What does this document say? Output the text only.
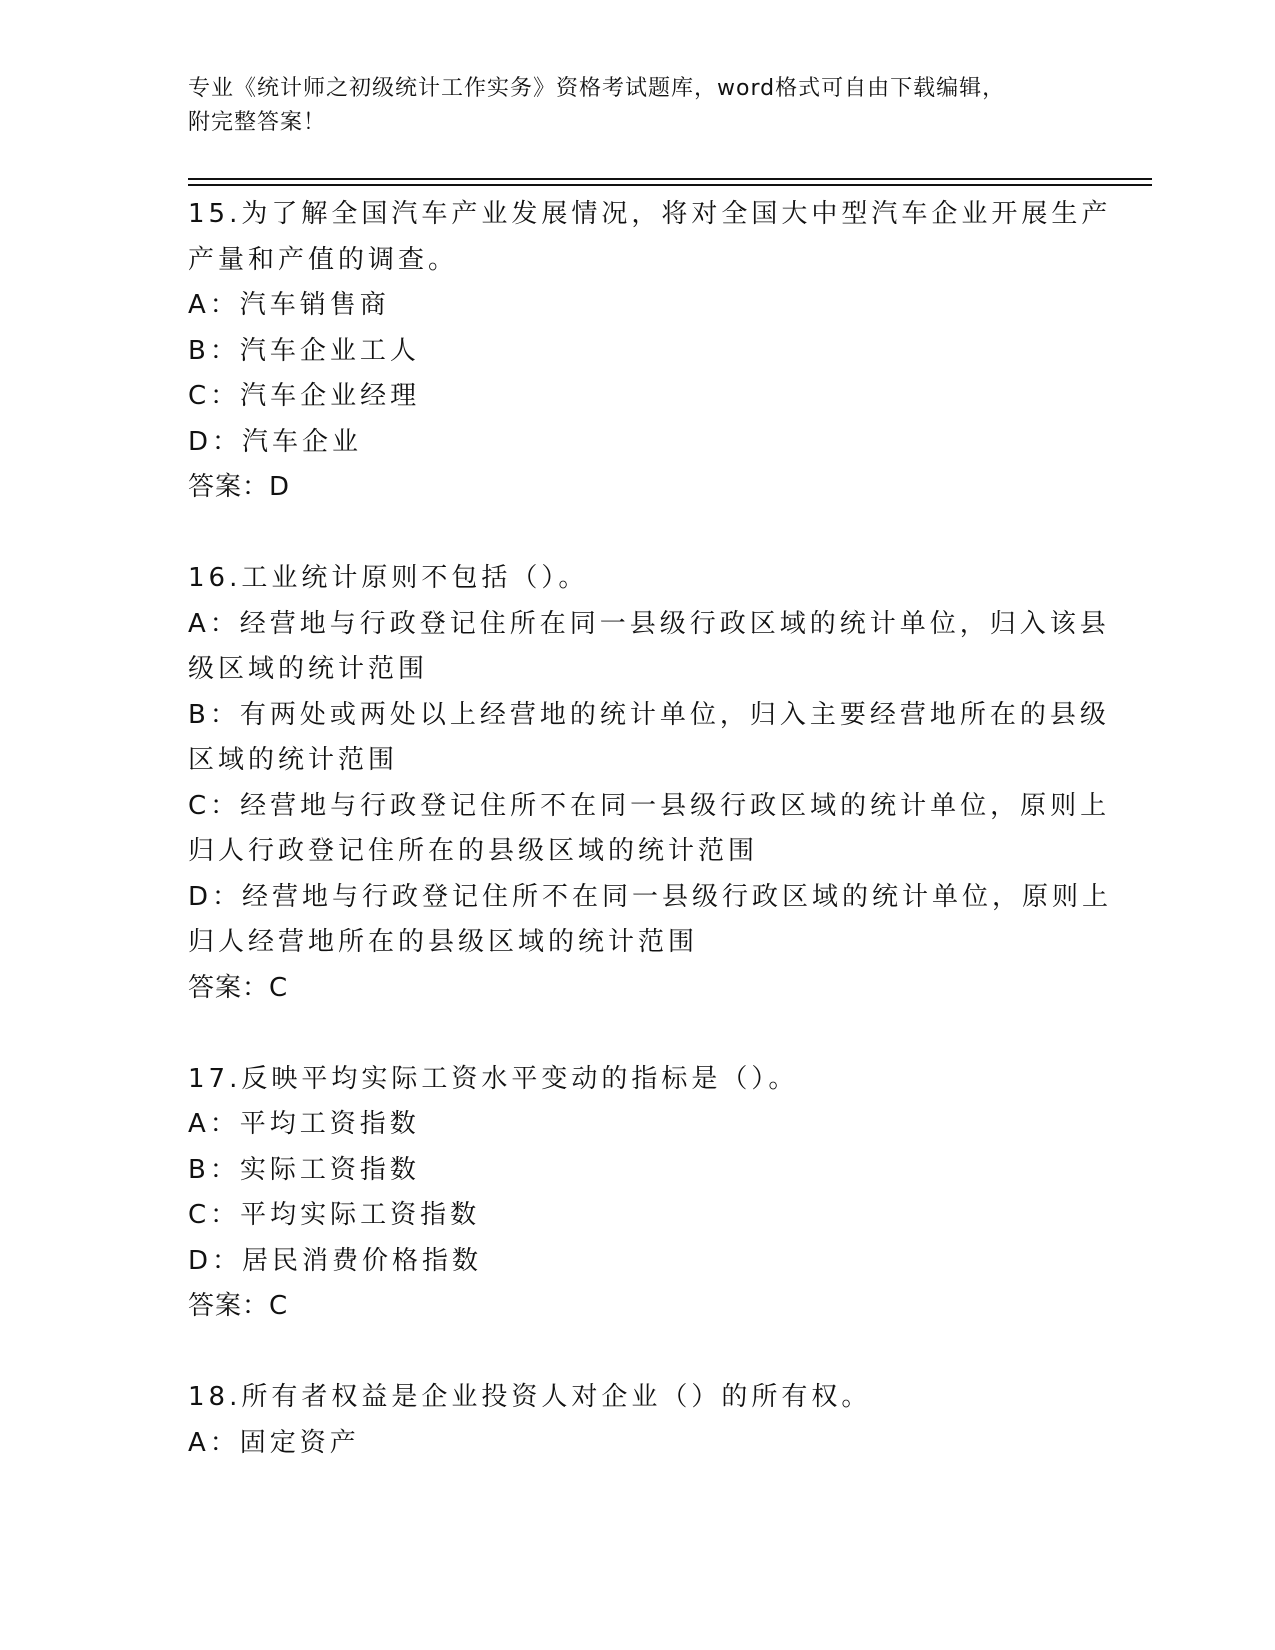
专业《统计师之初级统计工作实务》资格考试题库，word格式可自由下载编辑，
附完整答案！
15.为了解全国汽车产业发展情况，将对全国大中型汽车企业开展生产
产量和产值的调查。
A：汽车销售商
B：汽车企业工人
C：汽车企业经理
D：汽车企业
答案：D
16.工业统计原则不包括（）。
A：经营地与行政登记住所在同一县级行政区域的统计单位，归入该县
级区域的统计范围
B：有两处或两处以上经营地的统计单位，归入主要经营地所在的县级
区域的统计范围
C：经营地与行政登记住所不在同一县级行政区域的统计单位，原则上
归人行政登记住所在的县级区域的统计范围
D：经营地与行政登记住所不在同一县级行政区域的统计单位，原则上
归人经营地所在的县级区域的统计范围
答案：C
17.反映平均实际工资水平变动的指标是（）。
A：平均工资指数
B：实际工资指数
C：平均实际工资指数
D：居民消费价格指数
答案：C
18.所有者权益是企业投资人对企业（）的所有权。
A：固定资产
